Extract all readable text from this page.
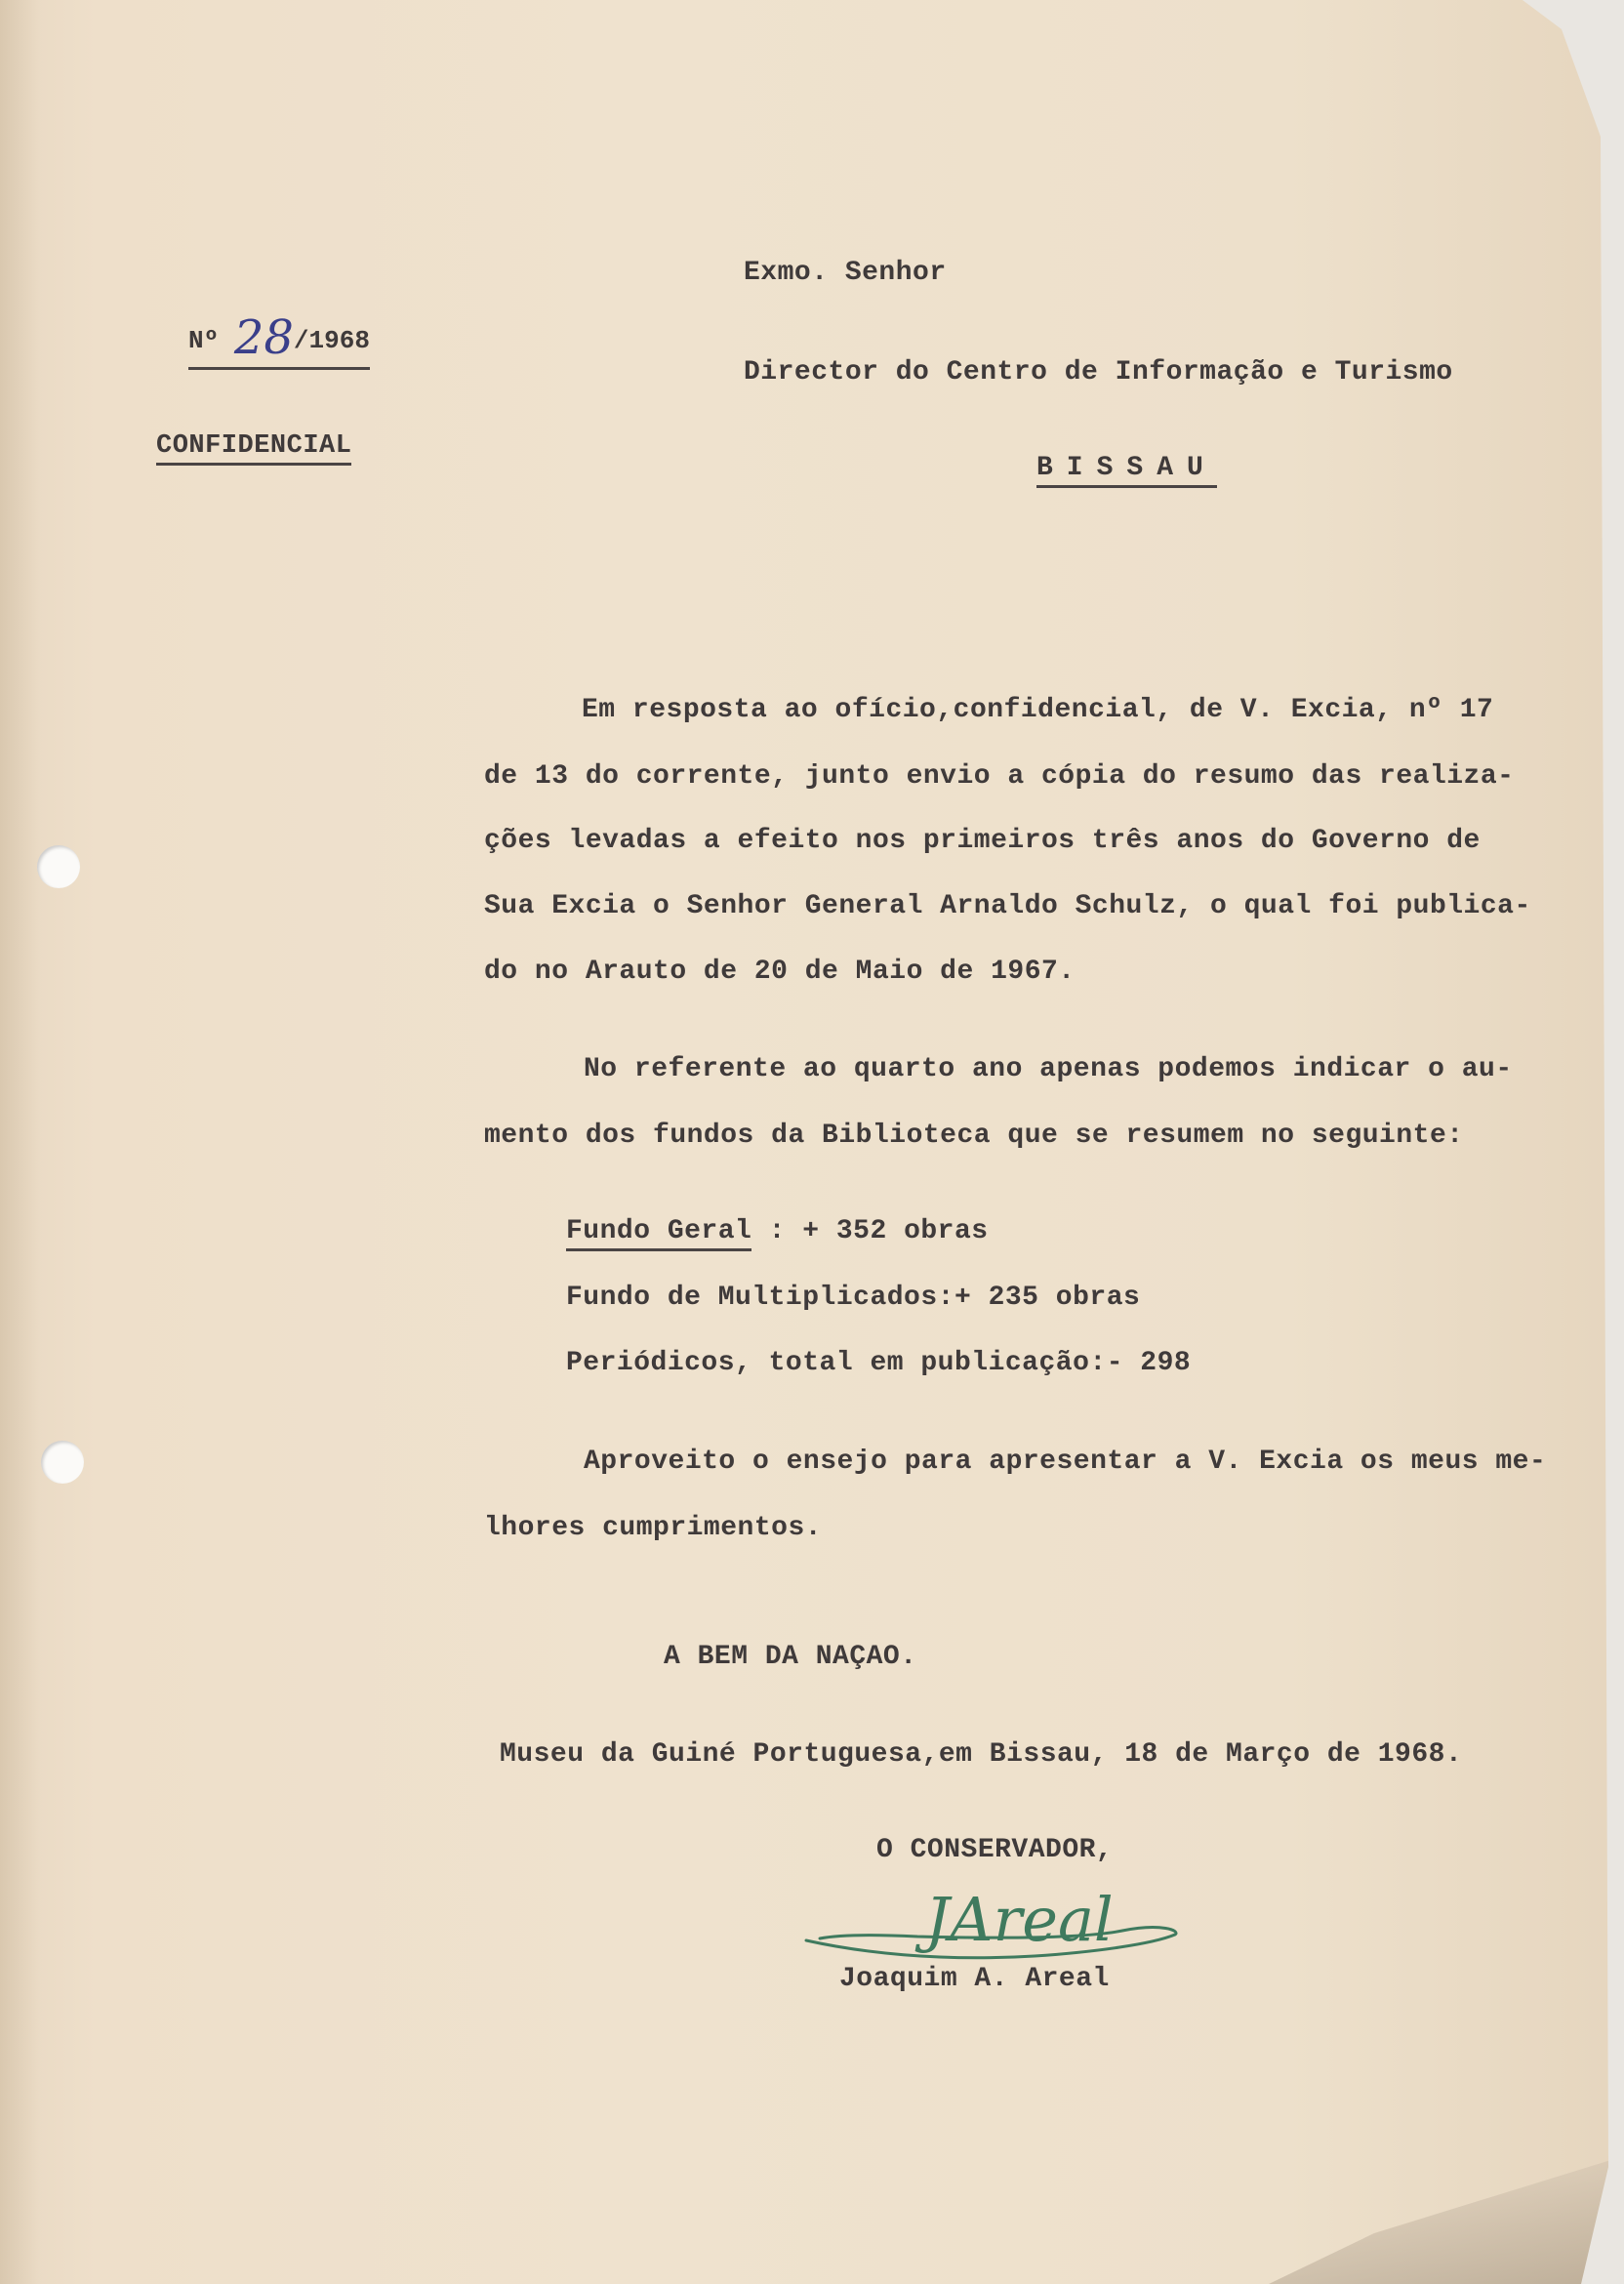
Nº 28/1968
CONFIDENCIAL
Exmo. Senhor
Director do Centro de Informação e Turismo
BISSAU
Em resposta ao ofício,confidencial, de V. Excia, nº 17
de 13 do corrente, junto envio a cópia do resumo das realiza-
ções levadas a efeito nos primeiros três anos do Governo de
Sua Excia o Senhor General Arnaldo Schulz, o qual foi publica-
do no Arauto de 20 de Maio de 1967.
No referente ao quarto ano apenas podemos indicar o au-
mento dos fundos da Biblioteca que se resumem no seguinte:
Fundo Geral : + 352 obras
Fundo de Multiplicados:+ 235 obras
Periódicos, total em publicação:- 298
Aproveito o ensejo para apresentar a V. Excia os meus me-
lhores cumprimentos.
A BEM DA NAÇAO.
Museu da Guiné Portuguesa,em Bissau, 18 de Março de 1968.
O CONSERVADOR,
JAreal
Joaquim A. Areal
